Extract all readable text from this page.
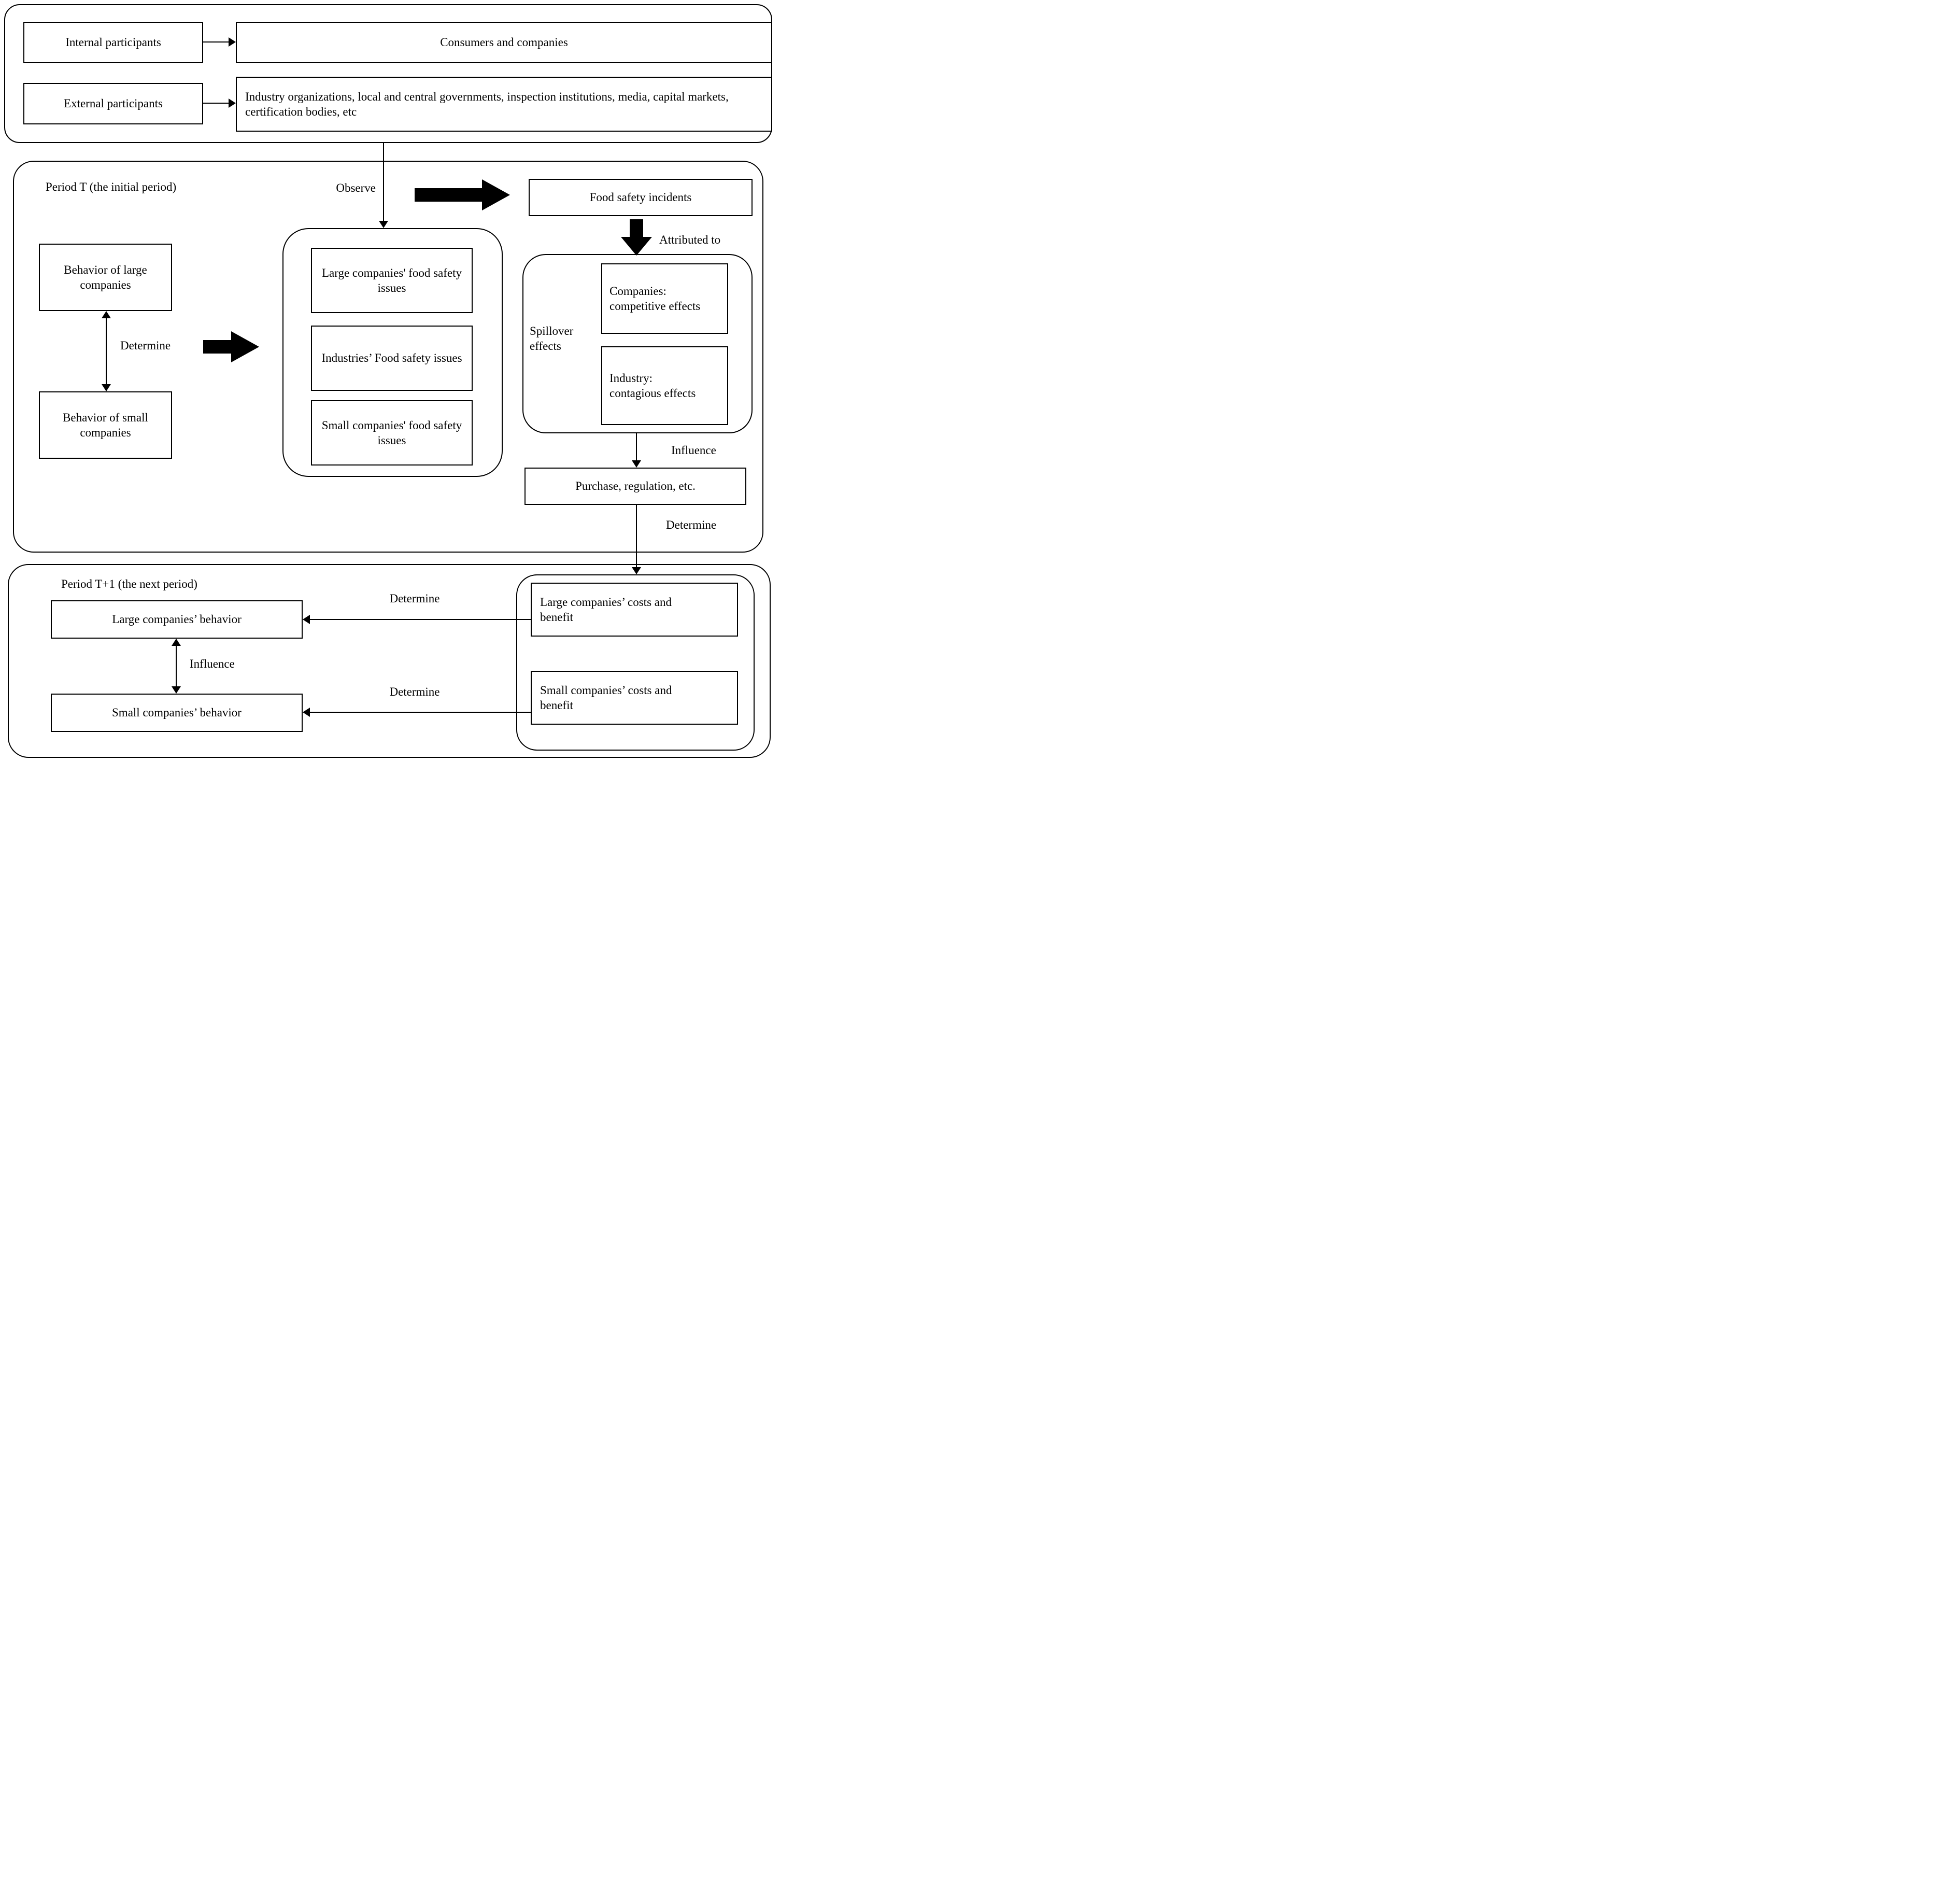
Internal participants	Consumers and companies
External participants
Industry organizations, local and central governments, inspection institutions, media, capital markets, certification bodies, etc
Observe
Period T (the initial period)
Food safety incidents
Attributed to
Behavior of large companies
Determine
Behavior of small companies
Large companies' food safety issues
Industries’ Food safety issues
Small companies' food safety issues
Spillover effects
Companies: competitive effects
Industry: contagious effects
Influence
Purchase, regulation, etc.
Determine
Period T+1 (the next period)
Large companies’ costs and benefit
Small companies’ costs and benefit
Large companies’ behavior
Small companies’ behavior
Influence
Determine
Determine
